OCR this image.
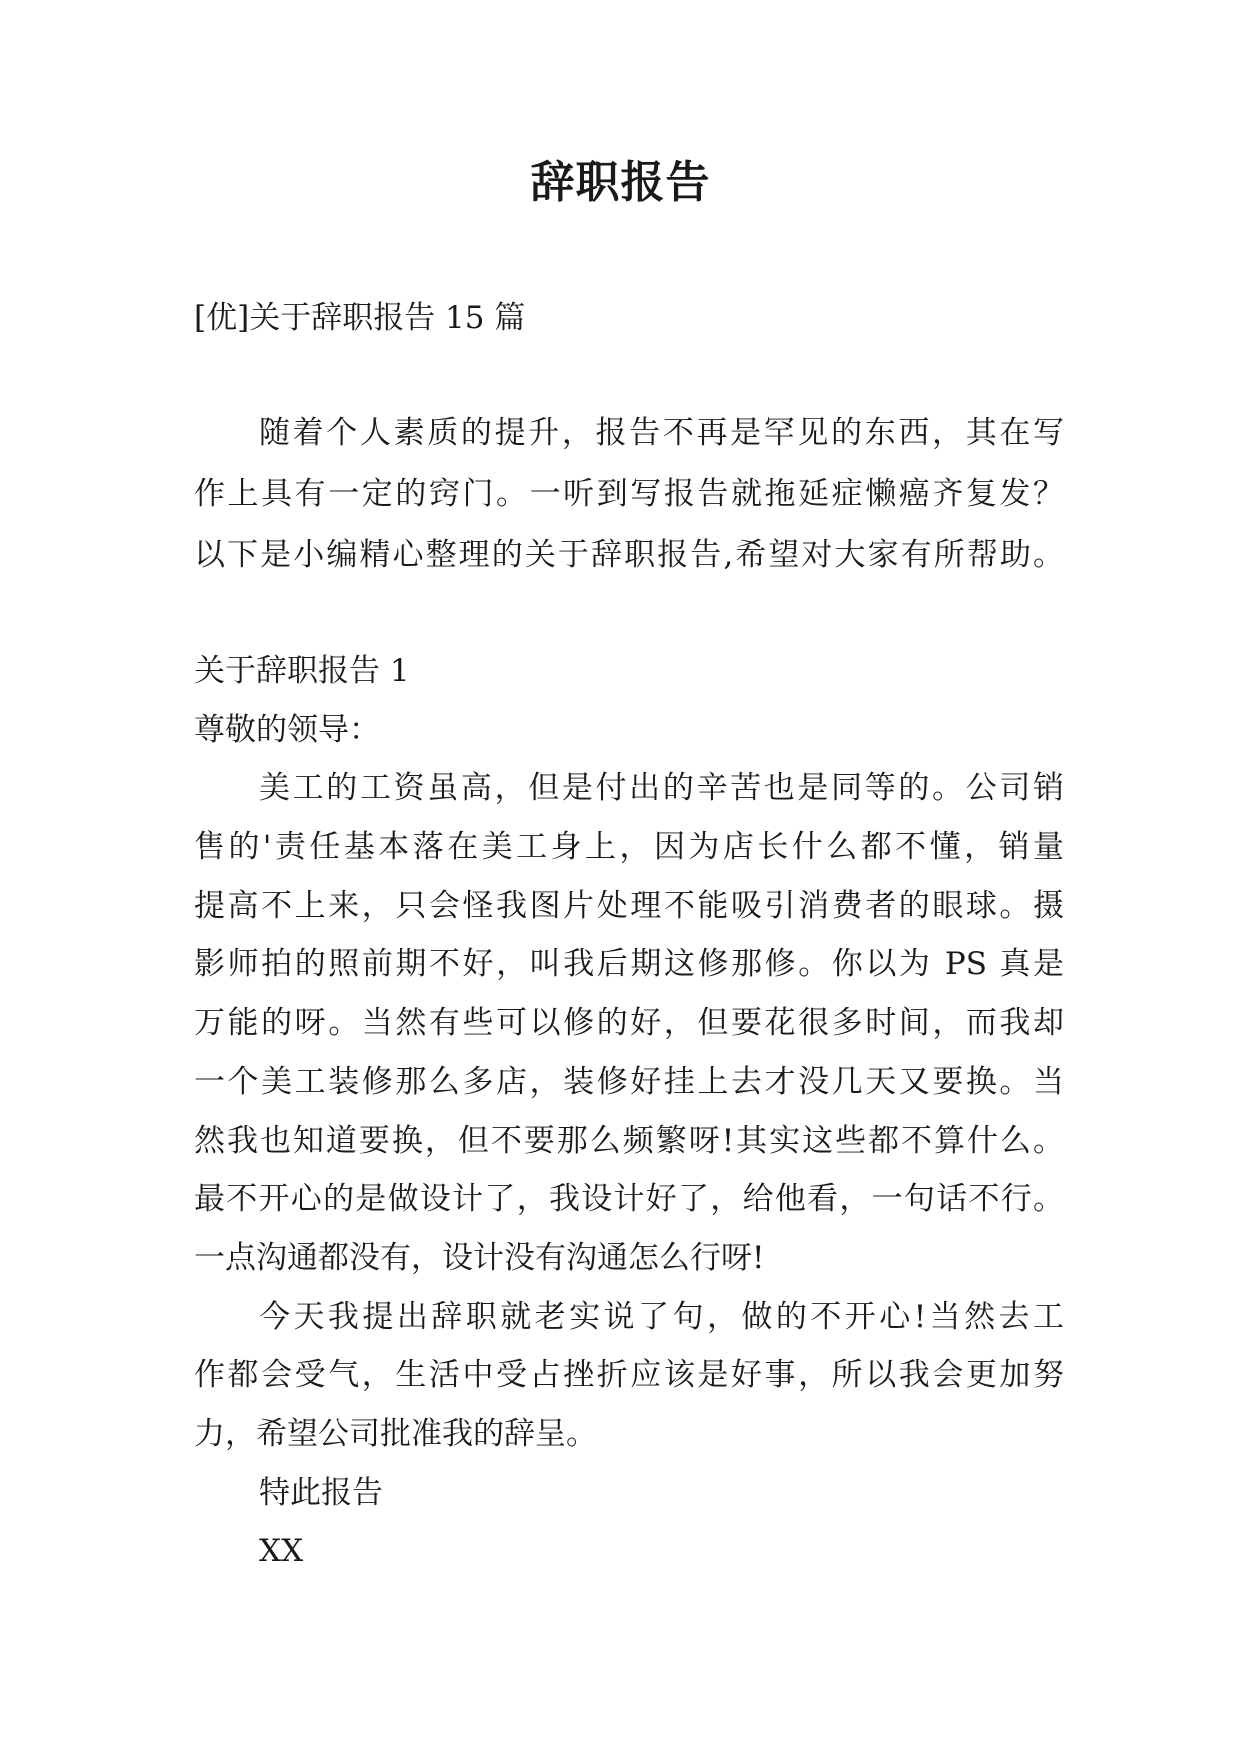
辞职报告
[优]关于辞职报告 15 篇
随着个人素质的提升，报告不再是罕见的东西，其在写
作上具有一定的窍门。一听到写报告就拖延症懒癌齐复发？
以下是小编精心整理的关于辞职报告,希望对大家有所帮助。
关于辞职报告 1
尊敬的领导：
美工的工资虽高，但是付出的辛苦也是同等的。公司销
售的'责任基本落在美工身上，因为店长什么都不懂，销量
提高不上来，只会怪我图片处理不能吸引消费者的眼球。摄
影师拍的照前期不好，叫我后期这修那修。你以为 PS 真是
万能的呀。当然有些可以修的好，但要花很多时间，而我却
一个美工装修那么多店，装修好挂上去才没几天又要换。当
然我也知道要换，但不要那么频繁呀!其实这些都不算什么。
最不开心的是做设计了，我设计好了，给他看，一句话不行。
一点沟通都没有，设计没有沟通怎么行呀!
今天我提出辞职就老实说了句，做的不开心!当然去工
作都会受气，生活中受占挫折应该是好事，所以我会更加努
力，希望公司批准我的辞呈。
特此报告
XX
